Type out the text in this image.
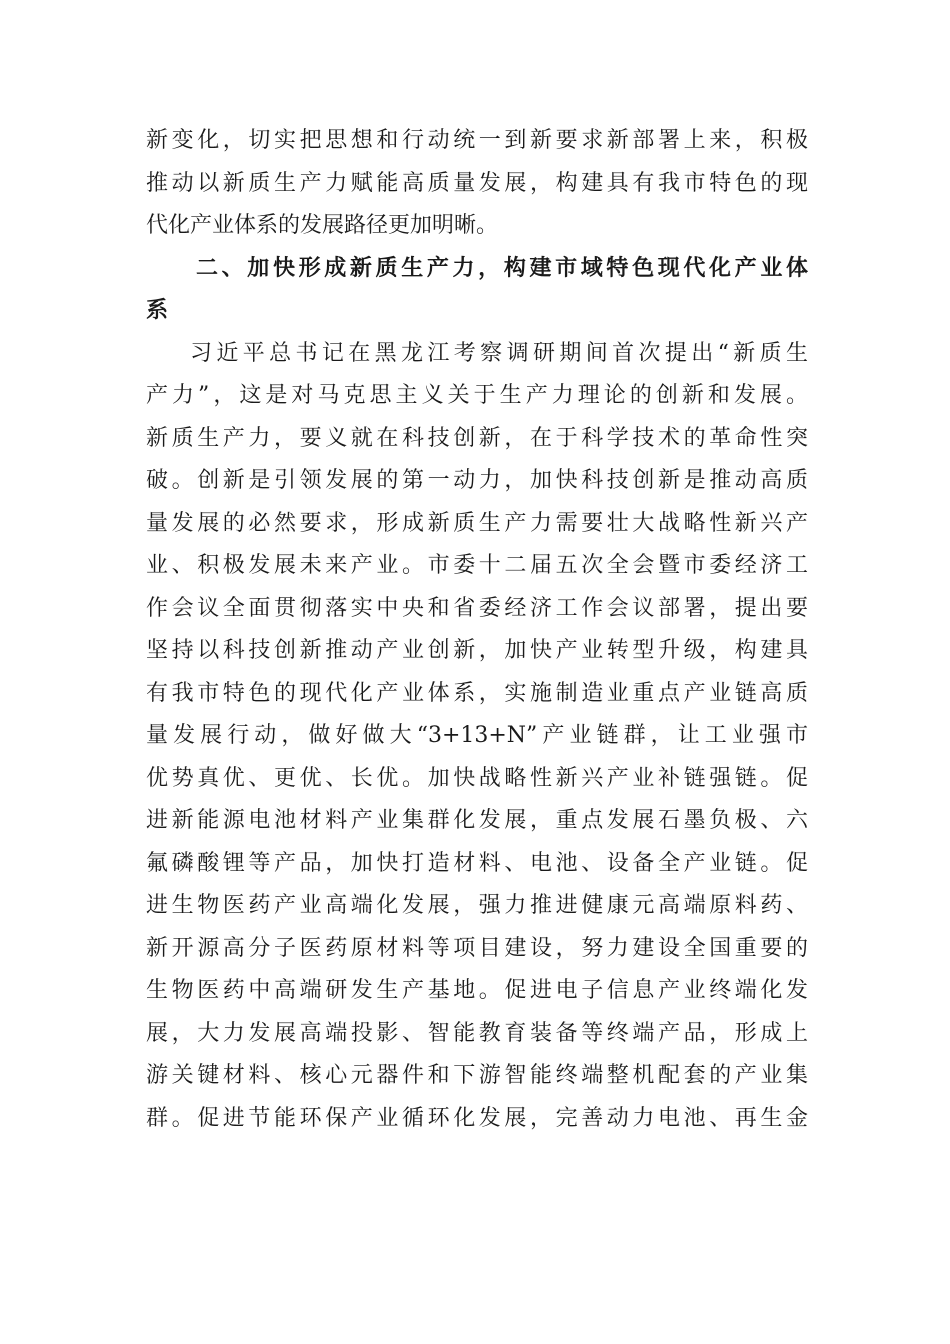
新变化，切实把思想和行动统一到新要求新部署上来，积极
推动以新质生产力赋能高质量发展，构建具有我市特色的现
代化产业体系的发展路径更加明晰。
二、加快形成新质生产力，构建市域特色现代化产业体
系
习近平总书记在黑龙江考察调研期间首次提出“新质生
产力”，这是对马克思主义关于生产力理论的创新和发展。
新质生产力，要义就在科技创新，在于科学技术的革命性突
破。创新是引领发展的第一动力，加快科技创新是推动高质
量发展的必然要求，形成新质生产力需要壮大战略性新兴产
业、积极发展未来产业。市委十二届五次全会暨市委经济工
作会议全面贯彻落实中央和省委经济工作会议部署，提出要
坚持以科技创新推动产业创新，加快产业转型升级，构建具
有我市特色的现代化产业体系，实施制造业重点产业链高质
量发展行动，做好做大“3+13+N”产业链群，让工业强市
优势真优、更优、长优。加快战略性新兴产业补链强链。促
进新能源电池材料产业集群化发展，重点发展石墨负极、六
氟磷酸锂等产品，加快打造材料、电池、设备全产业链。促
进生物医药产业高端化发展，强力推进健康元高端原料药、
新开源高分子医药原材料等项目建设，努力建设全国重要的
生物医药中高端研发生产基地。促进电子信息产业终端化发
展，大力发展高端投影、智能教育装备等终端产品，形成上
游关键材料、核心元器件和下游智能终端整机配套的产业集
群。促进节能环保产业循环化发展，完善动力电池、再生金
